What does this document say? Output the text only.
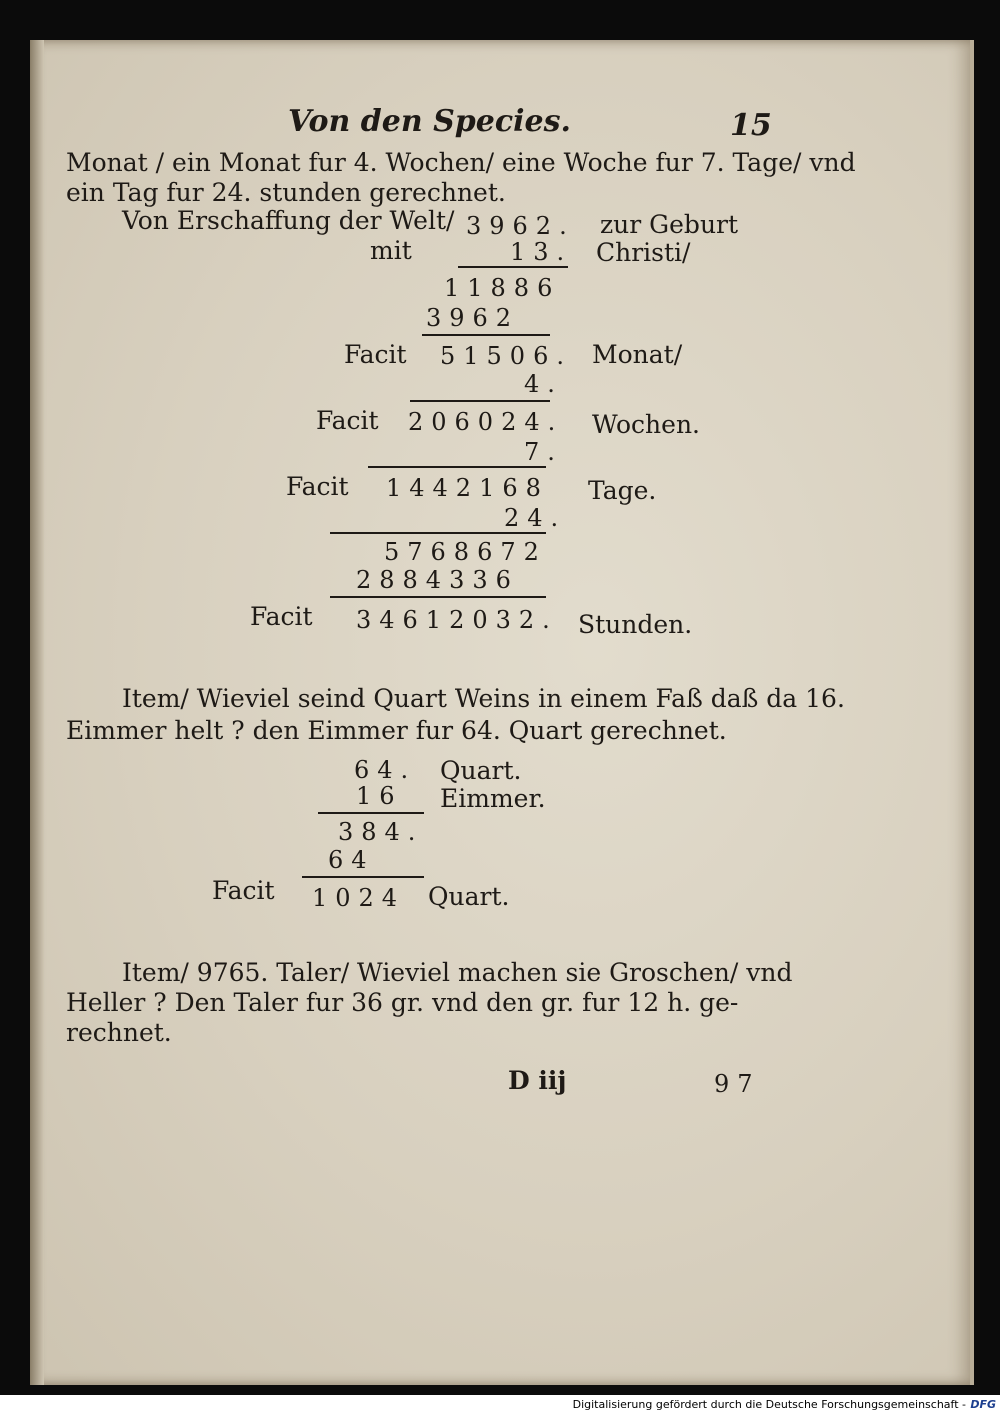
Von den Species.	15
Monat / ein Monat fur 4. Wochen/ eine Woche fur 7. Tage/ vnd
ein Tag fur 24. stunden gerechnet.
Von Erschaffung der Welt/ 3962. zur Geburt
mit	13. Christi/
11886
3962
Facit 51506. Monat/
4.
Facit 206024. Wochen.
7.
Facit 1442168 Tage.
24.
5768672
2884336
Facit 34612032. Stunden.
Item/ Wieviel seind Quart Weins in einem Faß daß da 16.
Eimmer helt ? den Eimmer fur 64. Quart gerechnet.
64. Quart.
16 Eimmer.
384.
64
Facit 1024 Quart.
Item/ 9765. Taler/ Wieviel machen sie Groschen/ vnd
Heller ? Den Taler fur 36 gr. vnd den gr. fur 12 h. ge-
rechnet.
D iij	97
Digitalisierung gefördert durch die Deutsche Forschungsgemeinschaft - DFG
